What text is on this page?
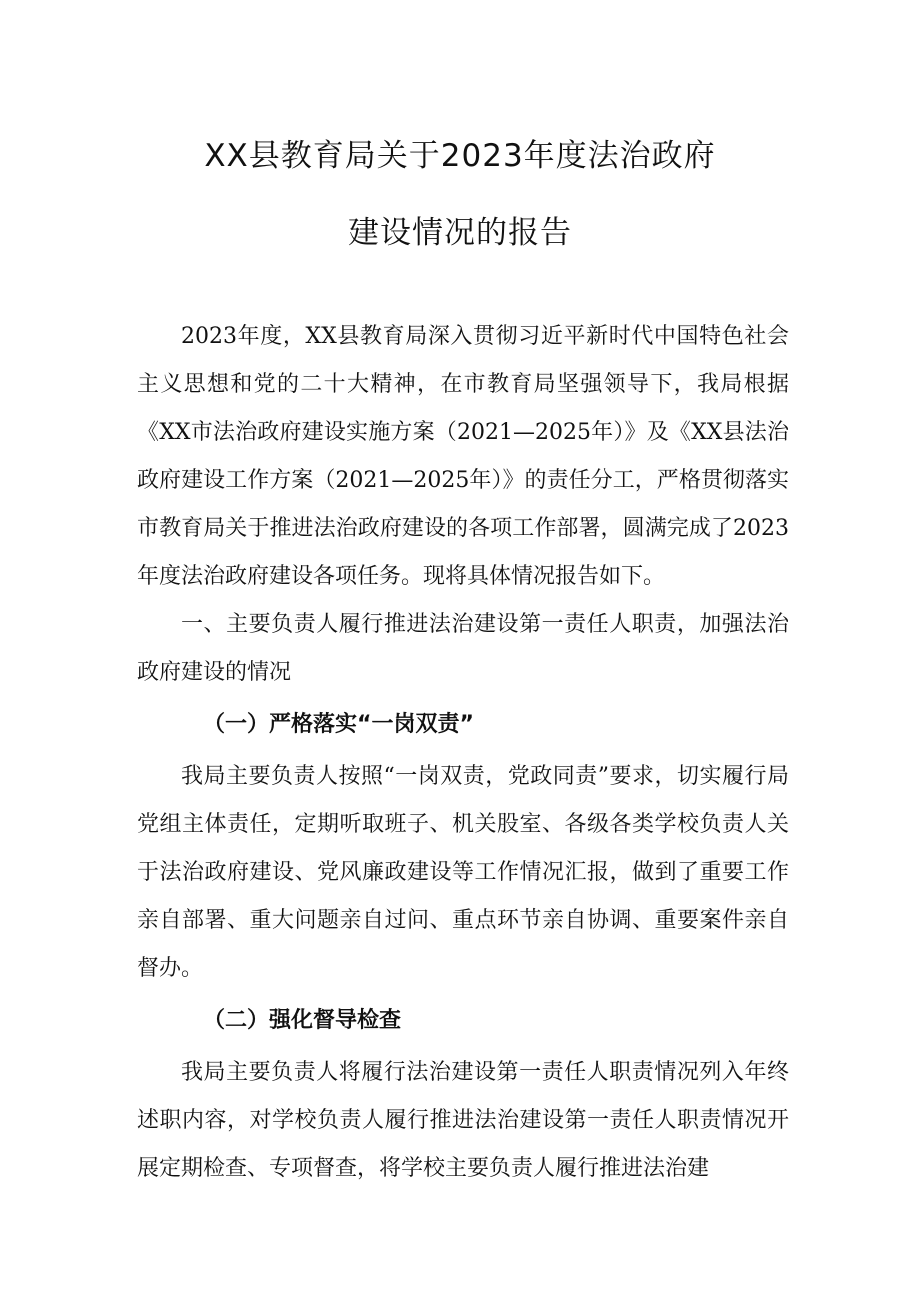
XX县教育局关于2023年度法治政府
建设情况的报告

2023年度，XX县教育局深入贯彻习近平新时代中国特色社会主义思想和党的二十大精神，在市教育局坚强领导下，我局根据《XX市法治政府建设实施方案（2021—2025年）》及《XX县法治政府建设工作方案（2021—2025年）》的责任分工，严格贯彻落实市教育局关于推进法治政府建设的各项工作部署，圆满完成了2023年度法治政府建设各项任务。现将具体情况报告如下。

一、主要负责人履行推进法治建设第一责任人职责，加强法治政府建设的情况

（一）严格落实“一岗双责”

我局主要负责人按照“一岗双责，党政同责”要求，切实履行局党组主体责任，定期听取班子、机关股室、各级各类学校负责人关于法治政府建设、党风廉政建设等工作情况汇报，做到了重要工作亲自部署、重大问题亲自过问、重点环节亲自协调、重要案件亲自督办。

（二）强化督导检查

我局主要负责人将履行法治建设第一责任人职责情况列入年终述职内容，对学校负责人履行推进法治建设第一责任人职责情况开展定期检查、专项督查，将学校主要负责人履行推进法治建
